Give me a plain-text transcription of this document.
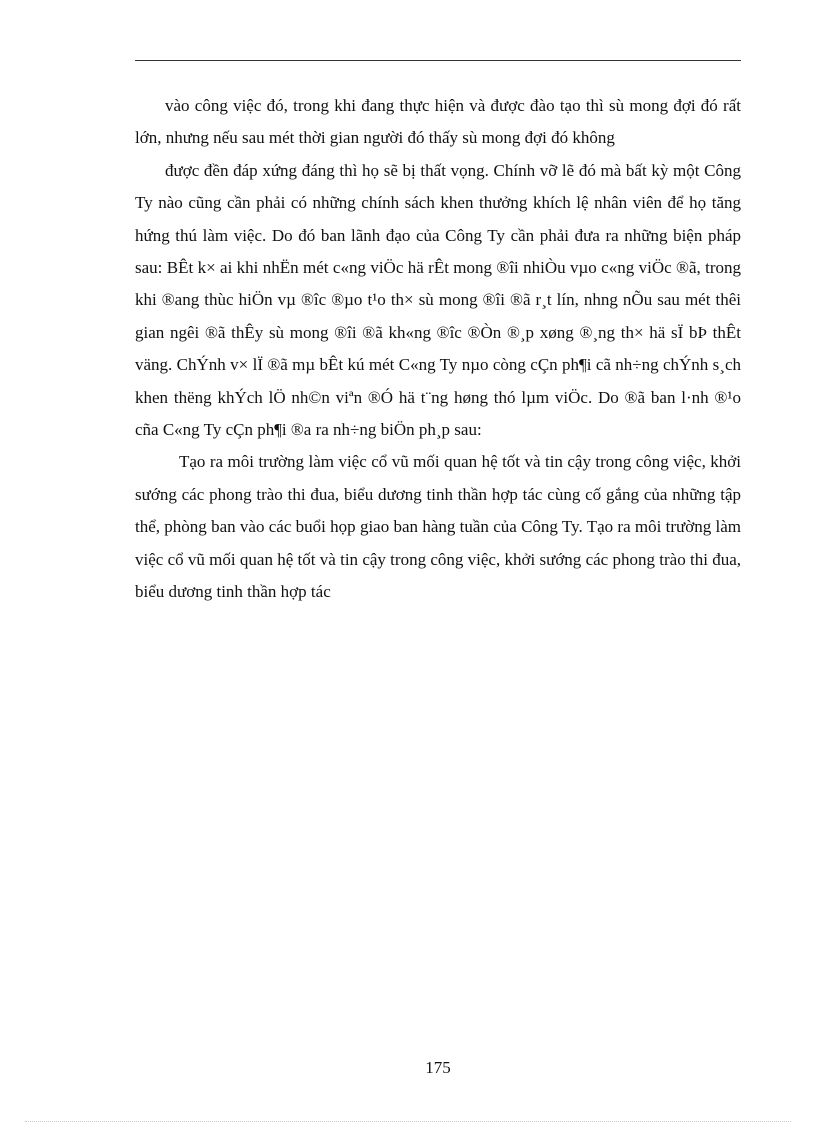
vào công việc đó, trong khi đang thực hiện và được đào tạo thì sù mong đợi đó rất lớn, nhưng nếu sau mét thời gian người đó thấy sù mong đợi đó không

được đền đáp xứng đáng thì họ sẽ bị thất vọng. Chính vỡ lẽ đó mà bất kỳ một Công Ty nào cũng cần phải có những chính sách khen thưởng khích lệ nhân viên để họ tăng hứng thú làm việc. Do đó ban lãnh đạo của Công Ty cần phải đưa ra những biện pháp sau: BÊt k× ai khi nhËn mét c«ng viÖc hä rÊt mong ®îi nhiÒu vµo c«ng viÖc ®ã, trong khi ®ang thùc hiÖn vµ ®îc ®µo t¹o th× sù mong ®îi ®ã r¸t lín, nhng nÕu sau mét thêi gian ngêi ®ã thÊy sù mong ®îi ®ã kh«ng ®îc ®Òn ®¸p xøng ®¸ng th× hä sÏ bÞ thÊt väng. ChÝnh v× lÏ ®ã mµ bÊt kú mét C«ng Ty nµo còng cÇn ph¶i cã nh÷ng chÝnh s¸ch khen thëng khÝch lÖ nh©n viªn ®Ó hä t¨ng høng thó lµm viÖc. Do ®ã ban l·nh ®¹o cña C«ng Ty cÇn ph¶i ®a ra nh÷ng biÖn ph¸p sau:

Tạo ra môi trường làm việc cổ vũ mối quan hệ tốt và tin cậy trong công việc, khởi sướng các phong trào thi đua, biểu dương tinh thần hợp tác cùng cố gắng của những tập thể, phòng ban vào các buổi họp giao ban hàng tuần của Công Ty. Tạo ra môi trường làm việc cổ vũ mối quan hệ tốt và tin cậy trong công việc, khởi sướng các phong trào thi đua, biểu dương tinh thần hợp tác

175
